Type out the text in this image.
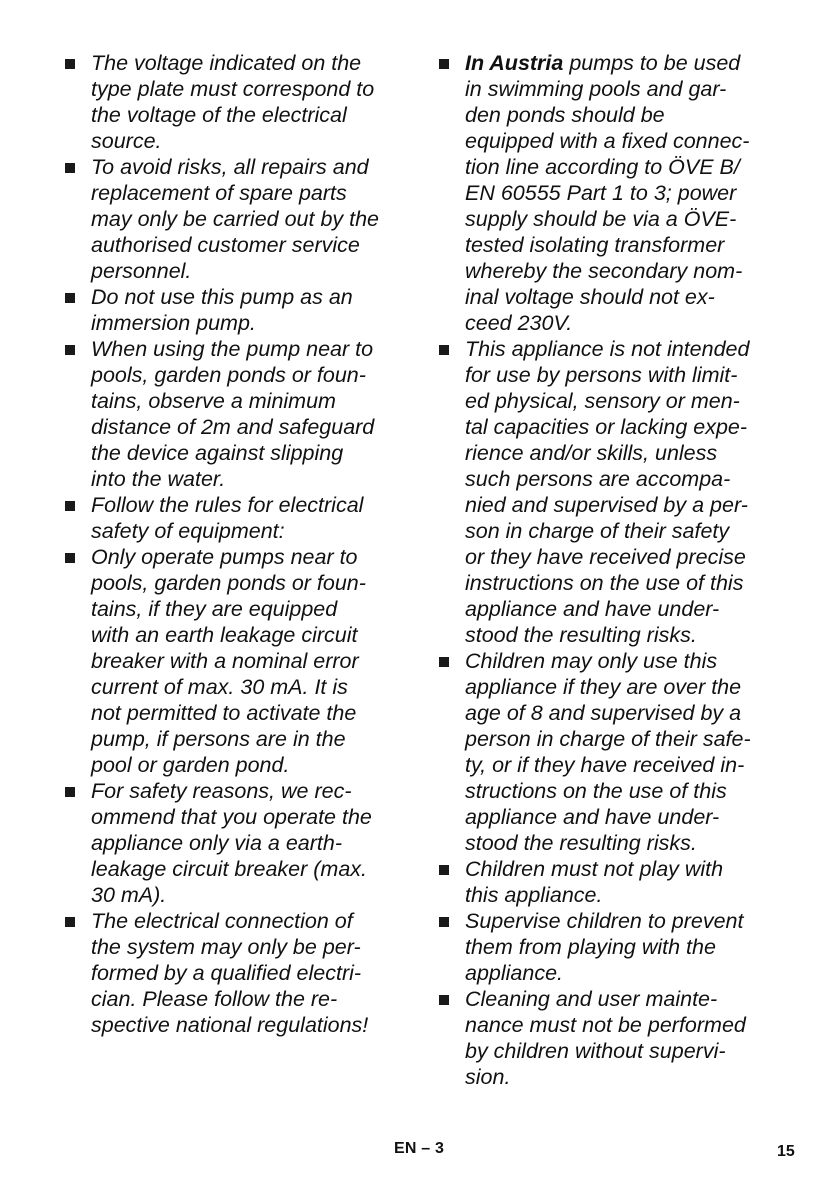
The voltage indicated on the
type plate must correspond to
the voltage of the electrical
source.
To avoid risks, all repairs and
replacement of spare parts
may only be carried out by the
authorised customer service
personnel.
Do not use this pump as an
immersion pump.
When using the pump near to
pools, garden ponds or foun-
tains, observe a minimum
distance of 2m and safeguard
the device against slipping
into the water.
Follow the rules for electrical
safety of equipment:
Only operate pumps near to
pools, garden ponds or foun-
tains, if they are equipped
with an earth leakage circuit
breaker with a nominal error
current of max. 30 mA. It is
not permitted to activate the
pump, if persons are in the
pool or garden pond.
For safety reasons, we rec-
ommend that you operate the
appliance only via a earth-
leakage circuit breaker (max.
30 mA).
The electrical connection of
the system may only be per-
formed by a qualified electri-
cian. Please follow the re-
spective national regulations!
In Austria pumps to be used
in swimming pools and gar-
den ponds should be
equipped with a fixed connec-
tion line according to ÖVE B/
EN 60555 Part 1 to 3; power
supply should be via a ÖVE-
tested isolating transformer
whereby the secondary nom-
inal voltage should not ex-
ceed 230V.
This appliance is not intended
for use by persons with limit-
ed physical, sensory or men-
tal capacities or lacking expe-
rience and/or skills, unless
such persons are accompa-
nied and supervised by a per-
son in charge of their safety
or they have received precise
instructions on the use of this
appliance and have under-
stood the resulting risks.
Children may only use this
appliance if they are over the
age of 8 and supervised by a
person in charge of their safe-
ty, or if they have received in-
structions on the use of this
appliance and have under-
stood the resulting risks.
Children must not play with
this appliance.
Supervise children to prevent
them from playing with the
appliance.
Cleaning and user mainte-
nance must not be performed
by children without supervi-
sion.
EN – 3	15
